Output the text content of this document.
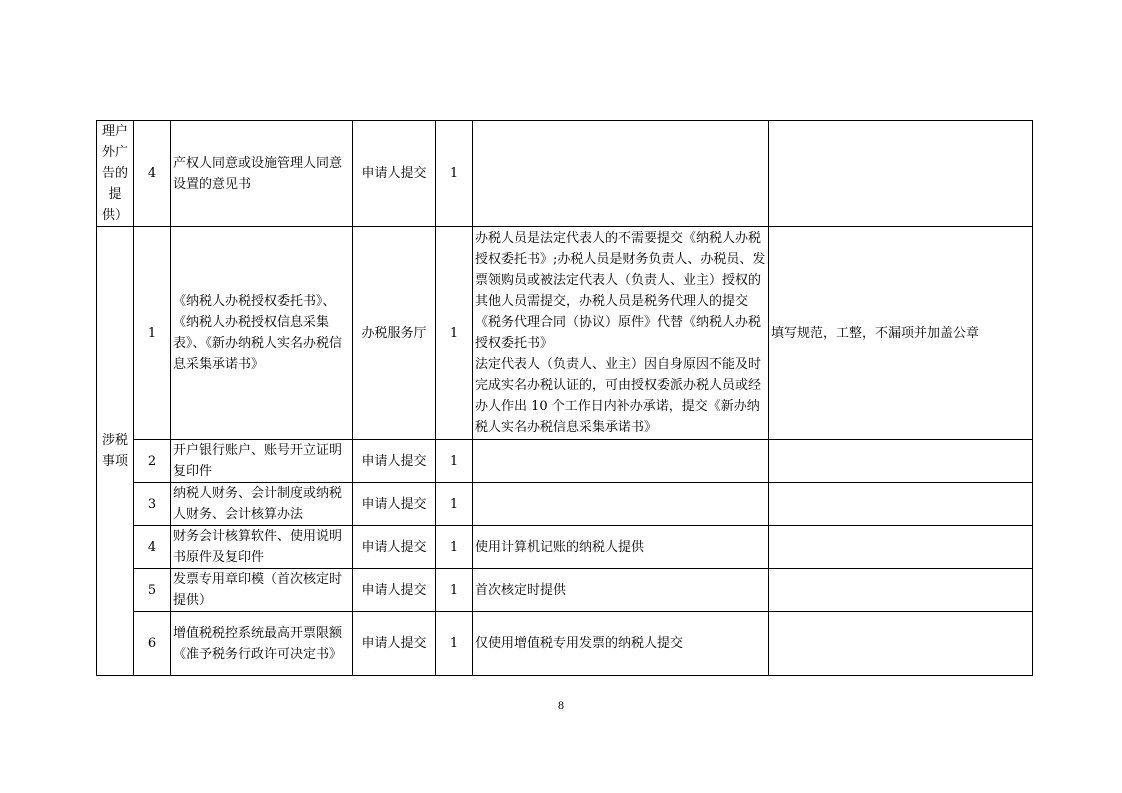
理户
外广
告的
提供）	4	产权人同意或设施管理人同意设置的意见书	申请人提交	1		

涉税
事项	1	《纳税人办税授权委托书》、《纳税人办税授权信息采集表》、《新办纳税人实名办税信息采集承诺书》	办税服务厅	1	办税人员是法定代表人的不需要提交《纳税人办税授权委托书》;办税人员是财务负责人、办税员、发票领购员或被法定代表人（负责人、业主）授权的其他人员需提交，办税人员是税务代理人的提交《税务代理合同（协议）原件》代替《纳税人办税授权委托书》
法定代表人（负责人、业主）因自身原因不能及时完成实名办税认证的，可由授权委派办税人员或经办人作出 10 个工作日内补办承诺，提交《新办纳税人实名办税信息采集承诺书》	填写规范，工整，不漏项并加盖公章
	2	开户银行账户、账号开立证明复印件	申请人提交	1		
	3	纳税人财务、会计制度或纳税人财务、会计核算办法	申请人提交	1		
	4	财务会计核算软件、使用说明书原件及复印件	申请人提交	1	使用计算机记账的纳税人提供	
	5	发票专用章印模（首次核定时提供）	申请人提交	1	首次核定时提供	
	6	增值税税控系统最高开票限额《准予税务行政许可决定书》	申请人提交	1	仅使用增值税专用发票的纳税人提交	
8
